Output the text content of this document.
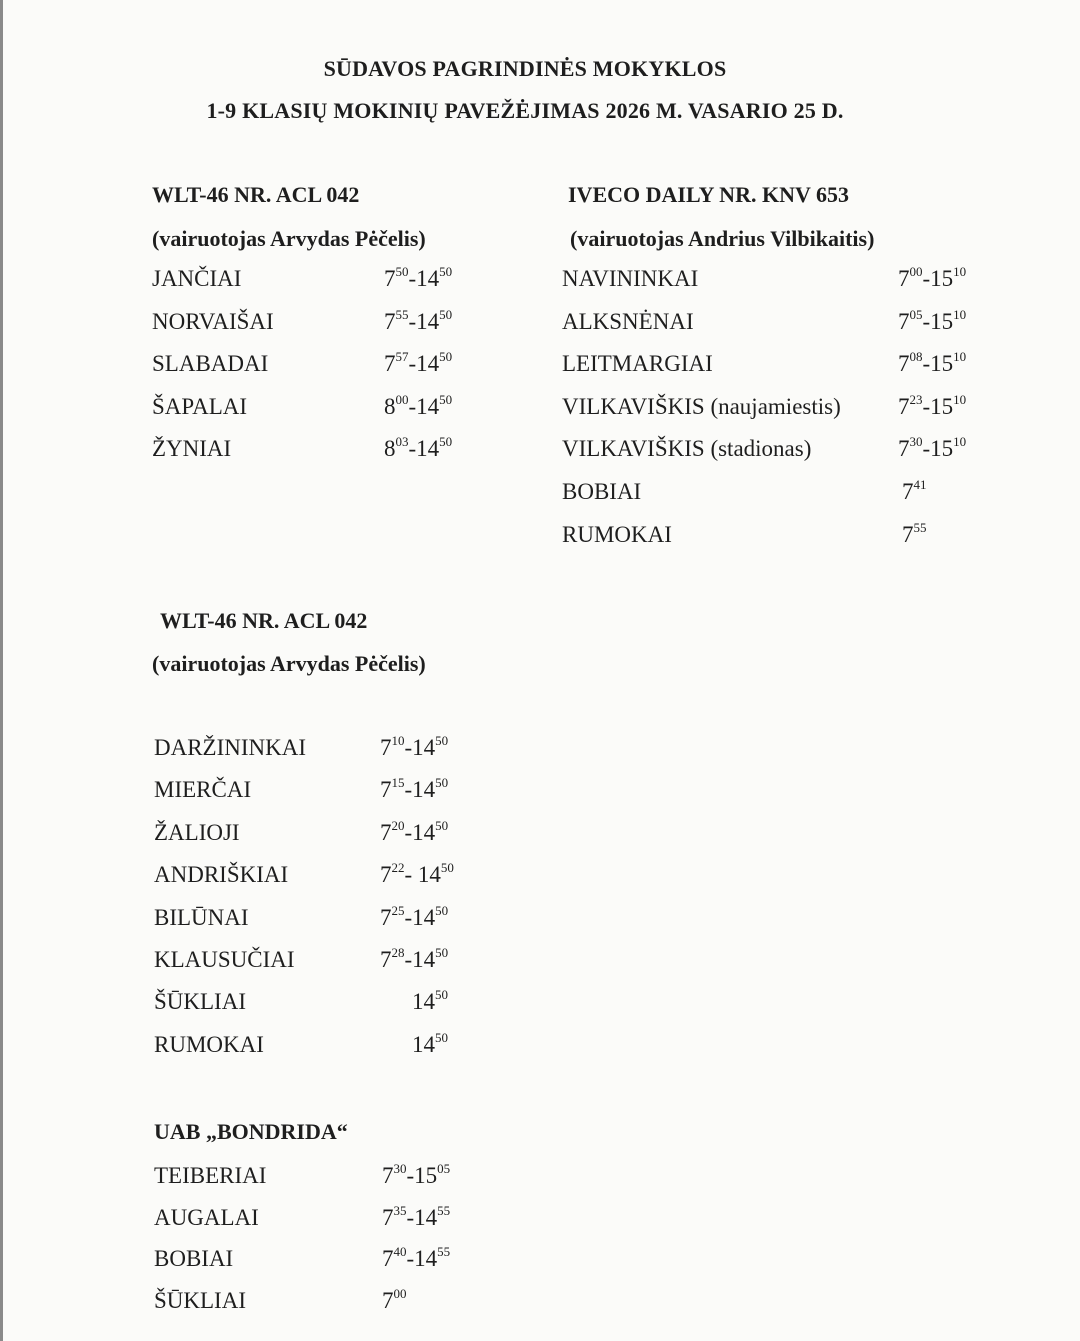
SŪDAVOS PAGRINDINĖS MOKYKLOS
1-9 KLASIŲ MOKINIŲ PAVEŽĖJIMAS 2026 M. VASARIO 25 D.
WLT-46 NR. ACL 042
(vairuotojas Arvydas Pėčelis)
JANČIAI	$7^{50}-14^{50}$
NORVAIŠAI	$7^{55}-14^{50}$
SLABADAI	$7^{57}-14^{50}$
ŠAPALAI	$8^{00}-14^{50}$
ŽYNIAI	$8^{03}-14^{50}$
IVECO DAILY NR. KNV 653
(vairuotojas Andrius Vilbikaitis)
NAVININKAI	$7^{00}-15^{10}$
ALKSNĖNAI	$7^{05}-15^{10}$
LEITMARGIAI	$7^{08}-15^{10}$
VILKAVIŠKIS (naujamiestis) $7^{23}-15^{10}$
VILKAVIŠKIS (stadionas)	$7^{30}-15^{10}$
BOBIAI	$7^{41}$
RUMOKAI	$7^{55}$
WLT-46 NR. ACL 042
(vairuotojas Arvydas Pėčelis)
DARŽININKAI	$7^{10}-14^{50}$
MIERČAI	$7^{15}-14^{50}$
ŽALIOJI	$7^{20}-14^{50}$
ANDRIŠKIAI	$7^{22}-$ $14^{50}$
BILŪNAI	$7^{25}-14^{50}$
KLAUSUČIAI	$7^{28}-14^{50}$
ŠŪKLIAI	$14^{50}$
RUMOKAI	$14^{50}$
UAB „BONDRIDA“
TEIBERIAI	$7^{30}-15^{05}$
AUGALAI	$7^{35}-14^{55}$
BOBIAI	$7^{40}-14^{55}$
ŠŪKLIAI	$7^{00}$
